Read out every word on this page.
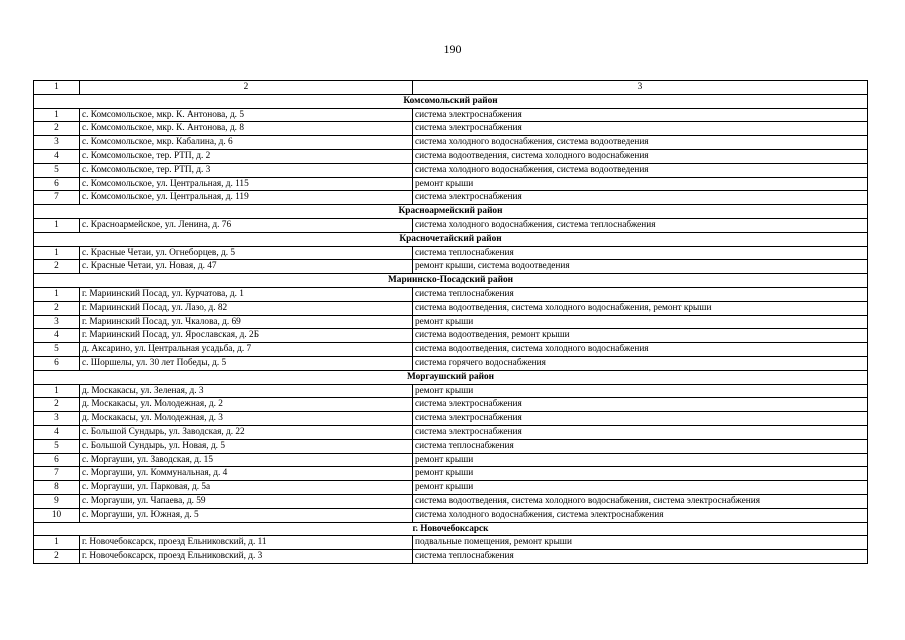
190
1	2	3
Комсомольский район		
1	с. Комсомольское, мкр. К. Антонова, д. 5	система электроснабжения
2	с. Комсомольское, мкр. К. Антонова, д. 8	система электроснабжения
3	с. Комсомольское, мкр. Кабалина, д. 6	система холодного водоснабжения, система водоотведения
4	с. Комсомольское, тер. РТП, д. 2	система водоотведения, система холодного водоснабжения
5	с. Комсомольское, тер. РТП, д. 3	система холодного водоснабжения, система водоотведения
6	с. Комсомольское, ул. Центральная, д. 115	ремонт крыши
7	с. Комсомольское, ул. Центральная, д. 119	система электроснабжения
Красноармейский район		
1	с. Красноармейское, ул. Ленина, д. 76	система холодного водоснабжения, система теплоснабжения
Красночетайский район		
1	с. Красные Четаи, ул. Огнеборцев, д. 5	система теплоснабжения
2	с. Красные Четаи, ул. Новая, д. 47	ремонт крыши, система водоотведения
Мариинско-Посадский район		
1	г. Мариинский Посад, ул. Курчатова, д. 1	система теплоснабжения
2	г. Мариинский Посад, ул. Лазо, д. 82	система водоотведения, система холодного водоснабжения, ремонт крыши
3	г. Мариинский Посад, ул. Чкалова, д. 69	ремонт крыши
4	г. Мариинский Посад, ул. Ярославская, д. 2Б	система водоотведения, ремонт крыши
5	д. Аксарино, ул. Центральная усадьба, д. 7	система водоотведения, система холодного водоснабжения
6	с. Шоршелы, ул. 30 лет Победы, д. 5	система горячего водоснабжения
Моргаушский район		
1	д. Москакасы, ул. Зеленая, д. 3	ремонт крыши
2	д. Москакасы, ул. Молодежная, д. 2	система электроснабжения
3	д. Москакасы, ул. Молодежная, д. 3	система электроснабжения
4	с. Большой Сундырь, ул. Заводская, д. 22	система электроснабжения
5	с. Большой Сундырь, ул. Новая, д. 5	система теплоснабжения
6	с. Моргауши, ул. Заводская, д. 15	ремонт крыши
7	с. Моргауши, ул. Коммунальная, д. 4	ремонт крыши
8	с. Моргауши, ул. Парковая, д. 5а	ремонт крыши
9	с. Моргауши, ул. Чапаева, д. 59	система водоотведения, система холодного водоснабжения, система электроснабжения
10	с. Моргауши, ул. Южная, д. 5	система холодного водоснабжения, система электроснабжения
г. Новочебоксарск		
1	г. Новочебоксарск, проезд Ельниковский, д. 11	подвальные помещения, ремонт крыши
2	г. Новочебоксарск, проезд Ельниковский, д. 3	система теплоснабжения
